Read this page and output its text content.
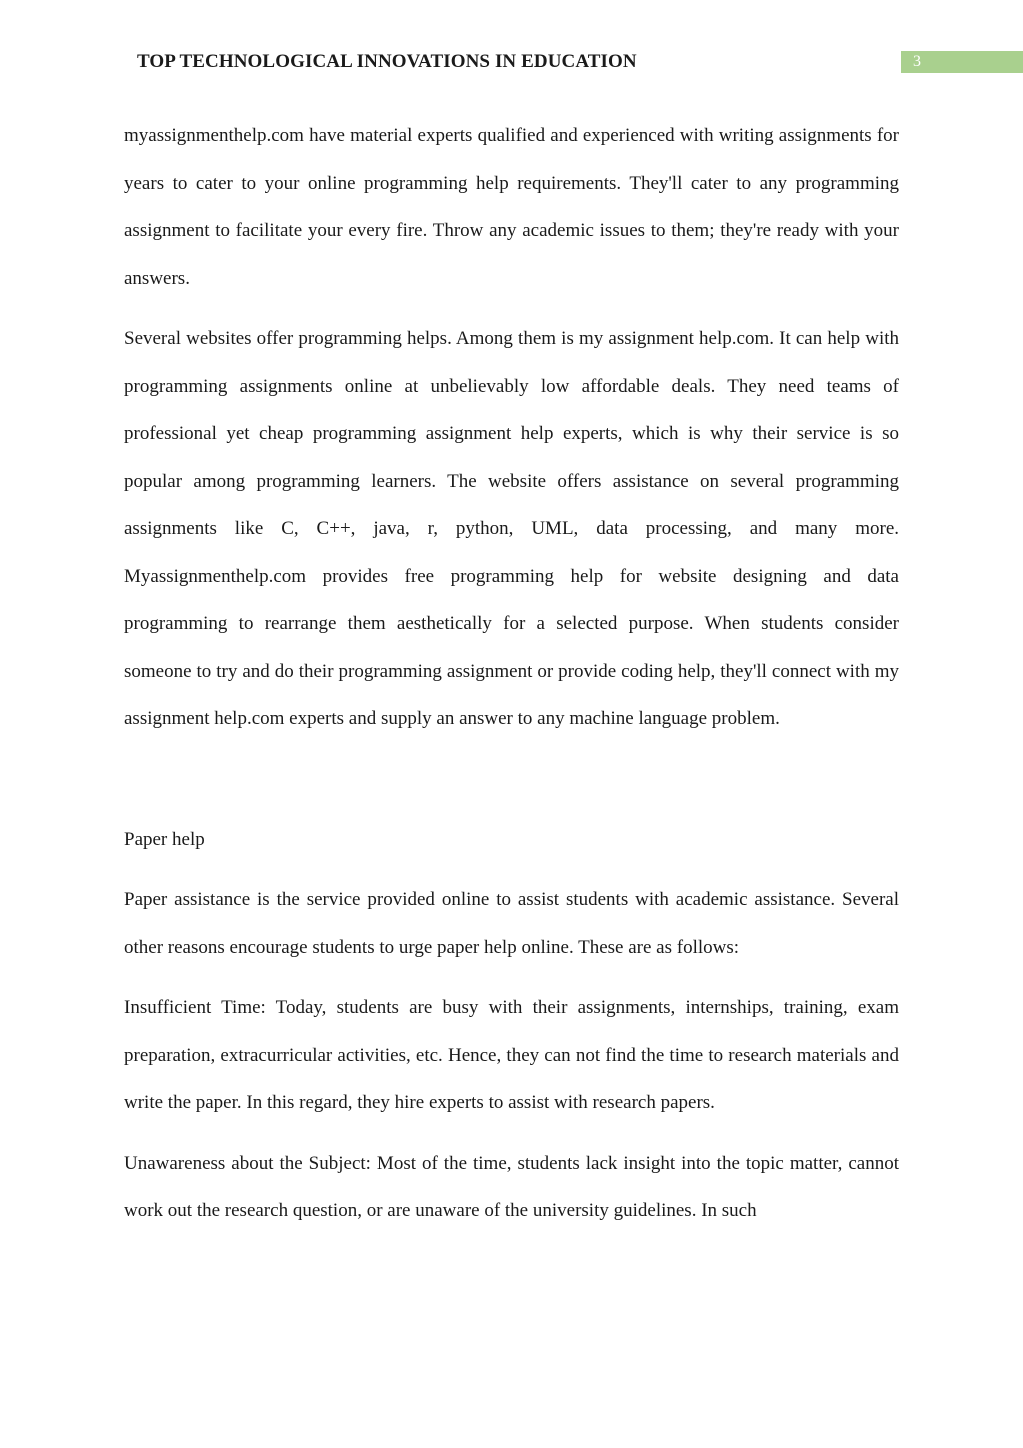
TOP TECHNOLOGICAL INNOVATIONS IN EDUCATION	3

myassignmenthelp.com have material experts qualified and experienced with writing assignments for years to cater to your online programming help requirements. They'll cater to any programming assignment to facilitate your every fire. Throw any academic issues to them; they're ready with your answers.

Several websites offer programming helps. Among them is my assignment help.com. It can help with programming assignments online at unbelievably low affordable deals. They need teams of professional yet cheap programming assignment help experts, which is why their service is so popular among programming learners. The website offers assistance on several programming assignments like C, C++, java, r, python, UML, data processing, and many more. Myassignmenthelp.com provides free programming help for website designing and data programming to rearrange them aesthetically for a selected purpose. When students consider someone to try and do their programming assignment or provide coding help, they'll connect with my assignment help.com experts and supply an answer to any machine language problem.

Paper help

Paper assistance is the service provided online to assist students with academic assistance. Several other reasons encourage students to urge paper help online. These are as follows:

Insufficient Time: Today, students are busy with their assignments, internships, training, exam preparation, extracurricular activities, etc. Hence, they can not find the time to research materials and write the paper. In this regard, they hire experts to assist with research papers.

Unawareness about the Subject: Most of the time, students lack insight into the topic matter, cannot work out the research question, or are unaware of the university guidelines. In such
